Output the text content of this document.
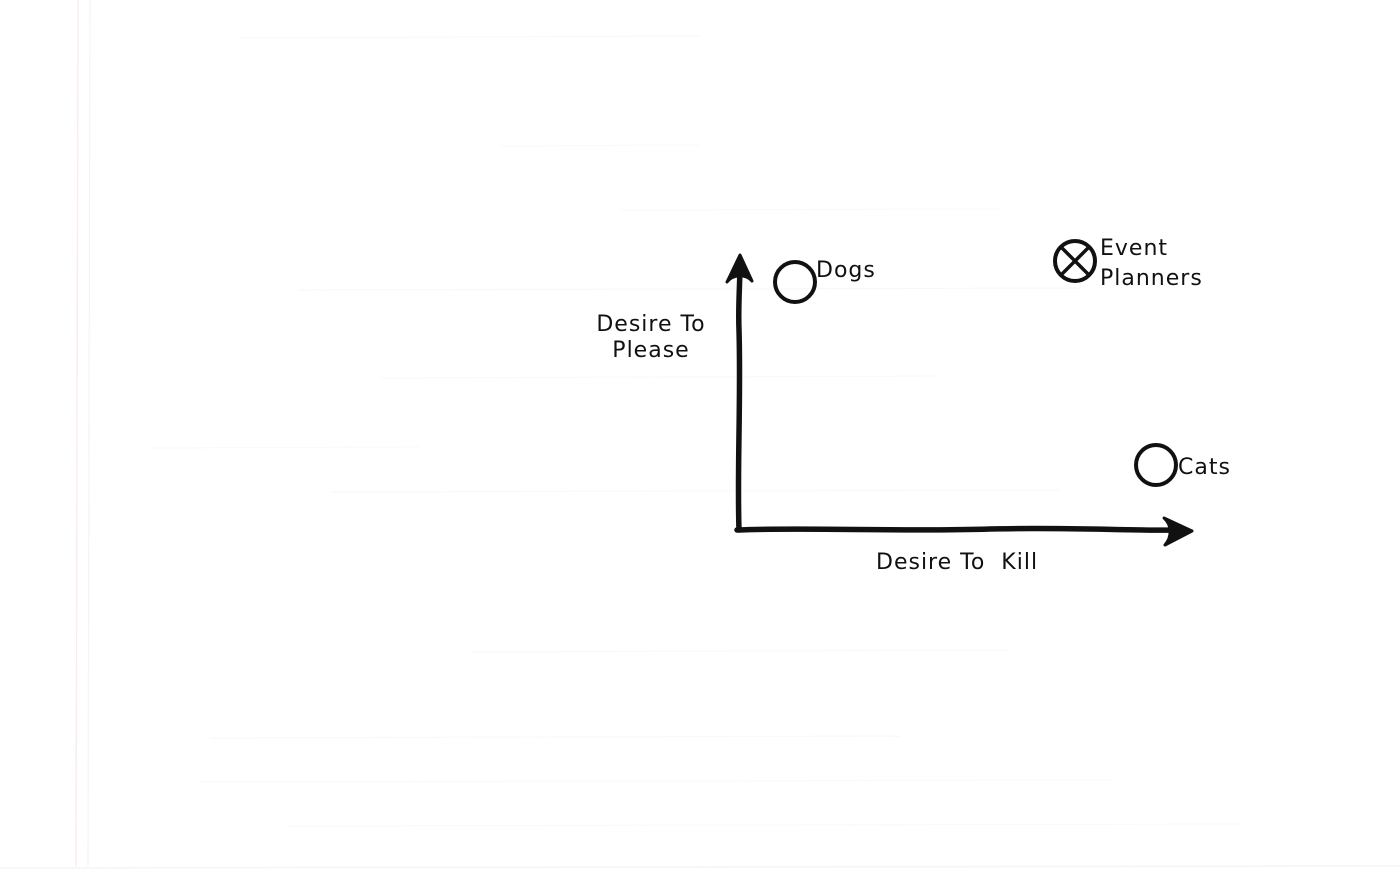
Desire To
Please
Desire To  Kill
Dogs
Cats
Event
Planners
